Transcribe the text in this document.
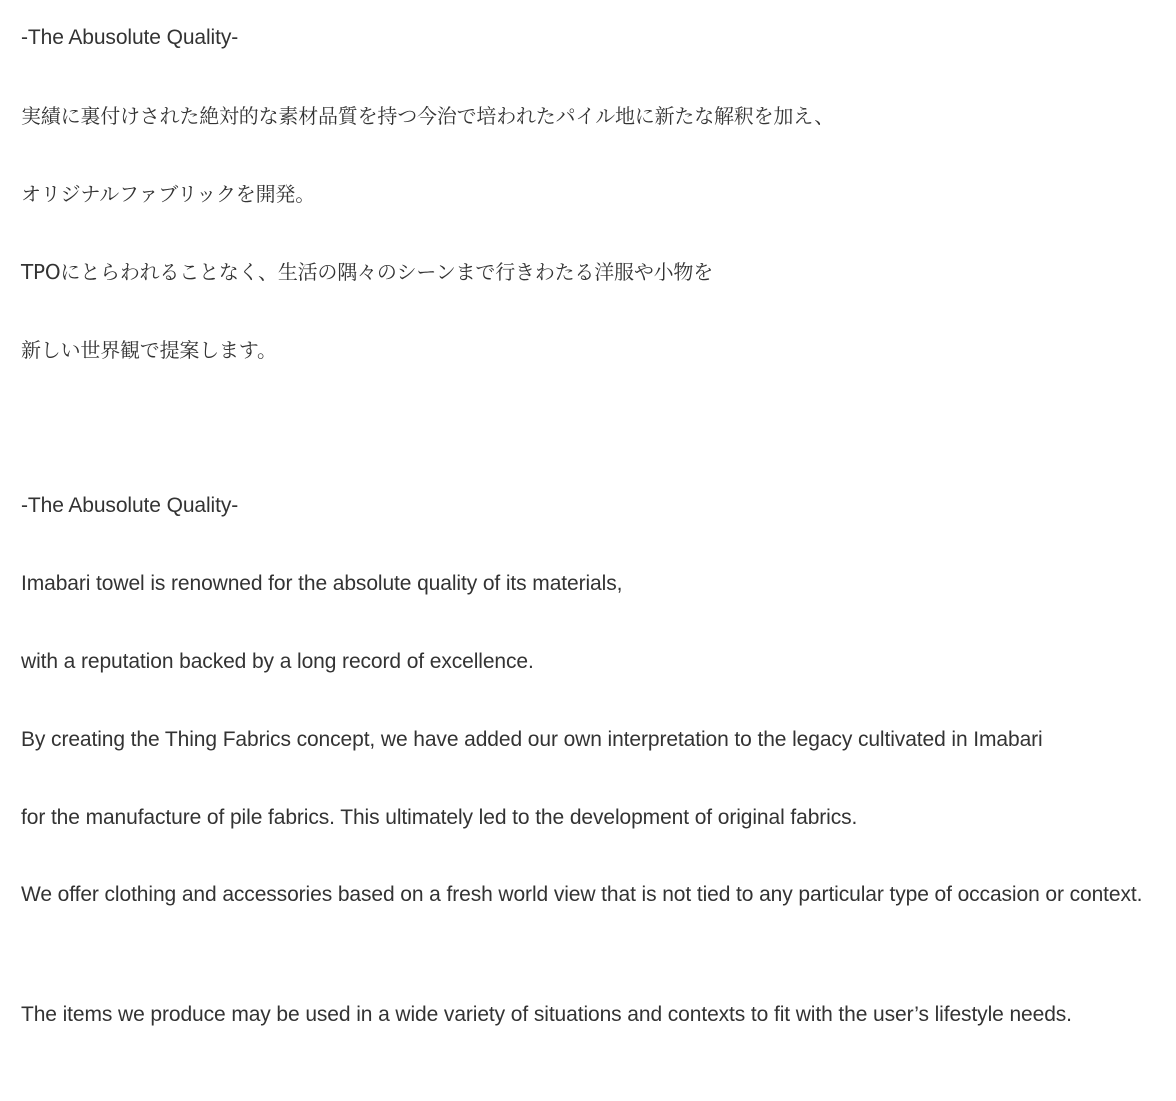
-The Abusolute Quality-
実績に裏付けされた絶対的な素材品質を持つ今治で培われたパイル地に新たな解釈を加え、
オリジナルファブリックを開発。
TPOにとらわれることなく、生活の隅々のシーンまで行きわたる洋服や小物を
新しい世界観で提案します。
-The Abusolute Quality-
Imabari towel is renowned for the absolute quality of its materials,
with a reputation backed by a long record of excellence.
By creating the Thing Fabrics concept, we have added our own interpretation to the legacy cultivated in Imabari
for the manufacture of pile fabrics. This ultimately led to the development of original fabrics.
We offer clothing and accessories based on a fresh world view that is not tied to any particular type of occasion or context.
The items we produce may be used in a wide variety of situations and contexts to fit with the user’s lifestyle needs.
